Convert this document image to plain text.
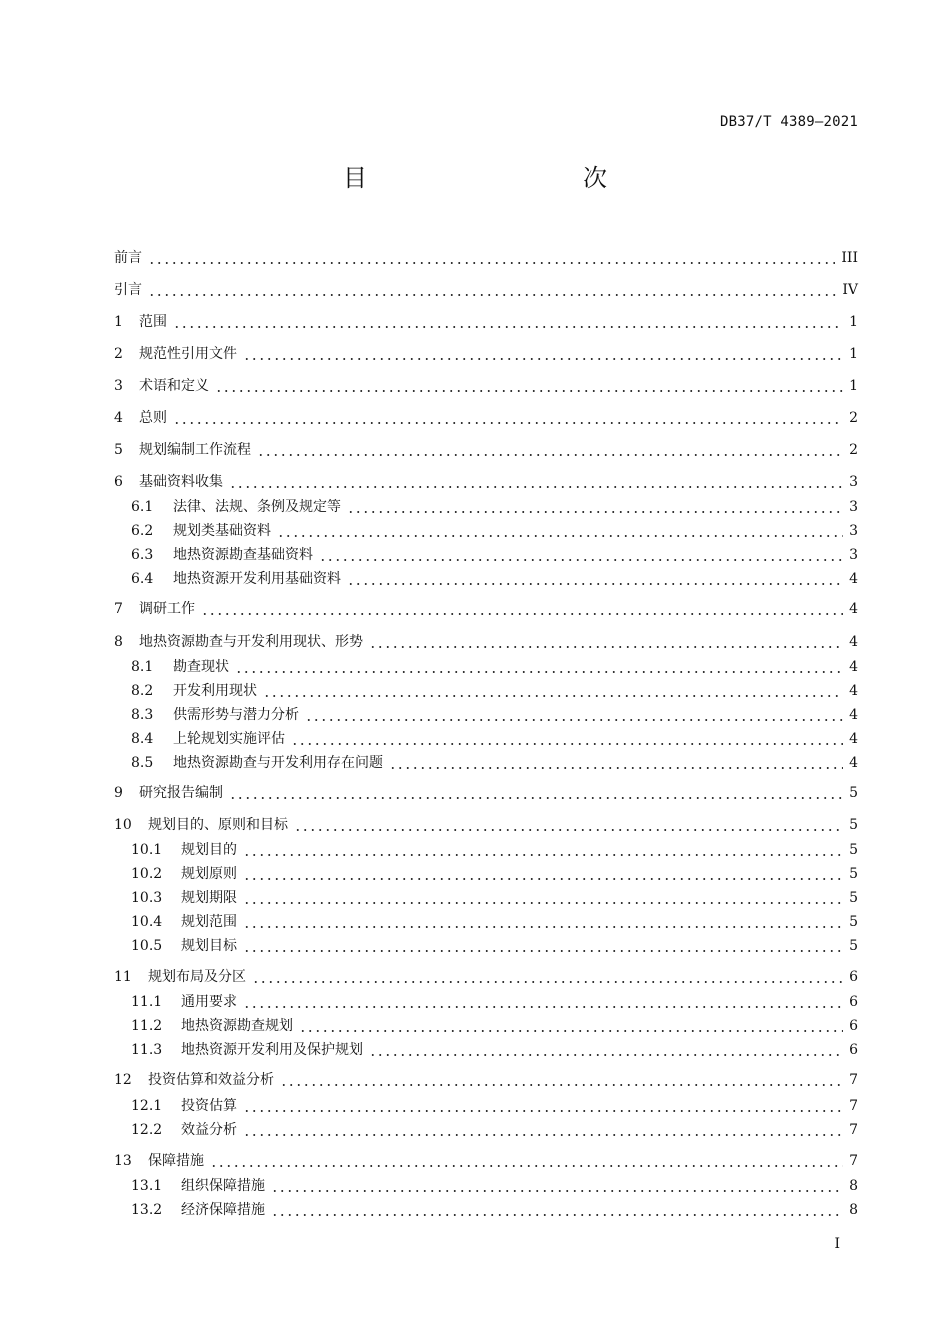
DB37/T 4389—2021
目　　次
前言	III
引言	IV
1	范围	1
2	规范性引用文件	1
3	术语和定义	1
4	总则	2
5	规划编制工作流程	2
6	基础资料收集	3
6.1	法律、法规、条例及规定等	3
6.2	规划类基础资料	3
6.3	地热资源勘查基础资料	3
6.4	地热资源开发利用基础资料	4
7	调研工作	4
8	地热资源勘查与开发利用现状、形势	4
8.1	勘查现状	4
8.2	开发利用现状	4
8.3	供需形势与潜力分析	4
8.4	上轮规划实施评估	4
8.5	地热资源勘查与开发利用存在问题	4
9	研究报告编制	5
10	规划目的、原则和目标	5
10.1	规划目的	5
10.2	规划原则	5
10.3	规划期限	5
10.4	规划范围	5
10.5	规划目标	5
11	规划布局及分区	6
11.1	通用要求	6
11.2	地热资源勘查规划	6
11.3	地热资源开发利用及保护规划	6
12	投资估算和效益分析	7
12.1	投资估算	7
12.2	效益分析	7
13	保障措施	7
13.1	组织保障措施	8
13.2	经济保障措施	8
I
